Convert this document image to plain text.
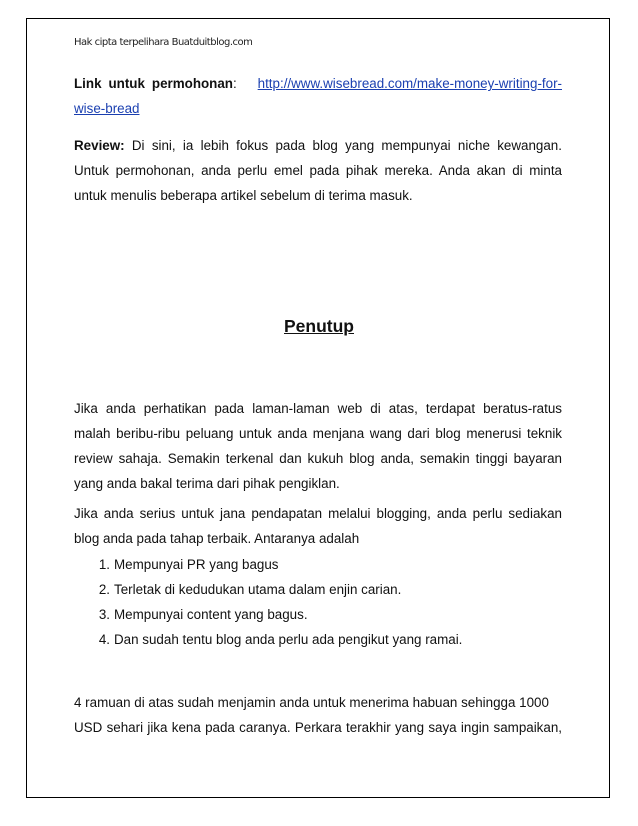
Hak cipta terpelihara Buatduitblog.com
Link untuk permohonan: http://www.wisebread.com/make-money-writing-for-
wise-bread
Review: Di sini, ia lebih fokus pada blog yang mempunyai niche kewangan.
Untuk permohonan, anda perlu emel pada pihak mereka. Anda akan di minta
untuk menulis beberapa artikel sebelum di terima masuk.
Penutup
Jika anda perhatikan pada laman-laman web di atas, terdapat beratus-ratus
malah beribu-ribu peluang untuk anda menjana wang dari blog menerusi teknik
review sahaja. Semakin terkenal dan kukuh blog anda, semakin tinggi bayaran
yang anda bakal terima dari pihak pengiklan.
Jika anda serius untuk jana pendapatan melalui blogging, anda perlu sediakan
blog anda pada tahap terbaik. Antaranya adalah
1. Mempunyai PR yang bagus
2. Terletak di kedudukan utama dalam enjin carian.
3. Mempunyai content yang bagus.
4. Dan sudah tentu blog anda perlu ada pengikut yang ramai.
4 ramuan di atas sudah menjamin anda untuk menerima habuan sehingga 1000
USD sehari jika kena pada caranya. Perkara terakhir yang saya ingin sampaikan,
